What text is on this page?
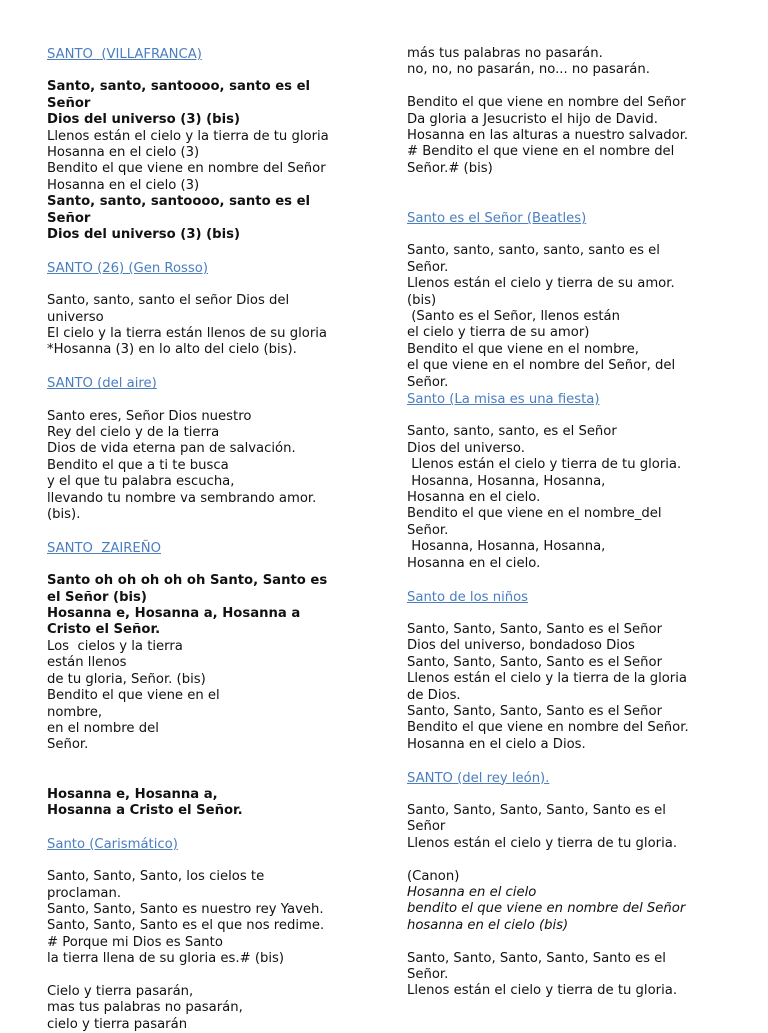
SANTO  (VILLAFRANCA)
Santo, santo, santoooo, santo es el
Señor
Dios del universo (3) (bis)
Llenos están el cielo y la tierra de tu gloria
Hosanna en el cielo (3)
Bendito el que viene en nombre del Señor
Hosanna en el cielo (3)
Santo, santo, santoooo, santo es el
Señor
Dios del universo (3) (bis)
SANTO (26) (Gen Rosso)
Santo, santo, santo el señor Dios del
universo
El cielo y la tierra están llenos de su gloria
*Hosanna (3) en lo alto del cielo (bis).
SANTO (del aire)
Santo eres, Señor Dios nuestro
Rey del cielo y de la tierra
Dios de vida eterna pan de salvación.
Bendito el que a ti te busca
y el que tu palabra escucha,
llevando tu nombre va sembrando amor.
(bis).
SANTO  ZAIREÑO
Santo oh oh oh oh oh Santo, Santo es
el Señor (bis)
Hosanna e, Hosanna a, Hosanna a
Cristo el Señor.
Los  cielos y la tierra
están llenos
de tu gloria, Señor. (bis)
Bendito el que viene en el
nombre,
en el nombre del
Señor.
Hosanna e, Hosanna a,
Hosanna a Cristo el Señor.
Santo (Carismático)
Santo, Santo, Santo, los cielos te
proclaman.
Santo, Santo, Santo es nuestro rey Yaveh.
Santo, Santo, Santo es el que nos redime.
# Porque mi Dios es Santo
la tierra llena de su gloria es.# (bis)
Cielo y tierra pasarán,
mas tus palabras no pasarán,
cielo y tierra pasarán
más tus palabras no pasarán.
no, no, no pasarán, no... no pasarán.
Bendito el que viene en nombre del Señor
Da gloria a Jesucristo el hijo de David.
Hosanna en las alturas a nuestro salvador.
# Bendito el que viene en el nombre del
Señor.# (bis)
Santo es el Señor (Beatles)
Santo, santo, santo, santo, santo es el
Señor.
Llenos están el cielo y tierra de su amor.
(bis)
(Santo es el Señor, llenos están
el cielo y tierra de su amor)
Bendito el que viene en el nombre,
el que viene en el nombre del Señor, del
Señor.
Santo (La misa es una fiesta)
Santo, santo, santo, es el Señor
Dios del universo.
Llenos están el cielo y tierra de tu gloria.
Hosanna, Hosanna, Hosanna,
Hosanna en el cielo.
Bendito el que viene en el nombre_del
Señor.
Hosanna, Hosanna, Hosanna,
Hosanna en el cielo.
Santo de los niños
Santo, Santo, Santo, Santo es el Señor
Dios del universo, bondadoso Dios
Santo, Santo, Santo, Santo es el Señor
Llenos están el cielo y la tierra de la gloria
de Dios.
Santo, Santo, Santo, Santo es el Señor
Bendito el que viene en nombre del Señor.
Hosanna en el cielo a Dios.
SANTO (del rey león).
Santo, Santo, Santo, Santo, Santo es el
Señor
Llenos están el cielo y tierra de tu gloria.
(Canon)
Hosanna en el cielo
bendito el que viene en nombre del Señor
hosanna en el cielo (bis)
Santo, Santo, Santo, Santo, Santo es el
Señor.
Llenos están el cielo y tierra de tu gloria.
